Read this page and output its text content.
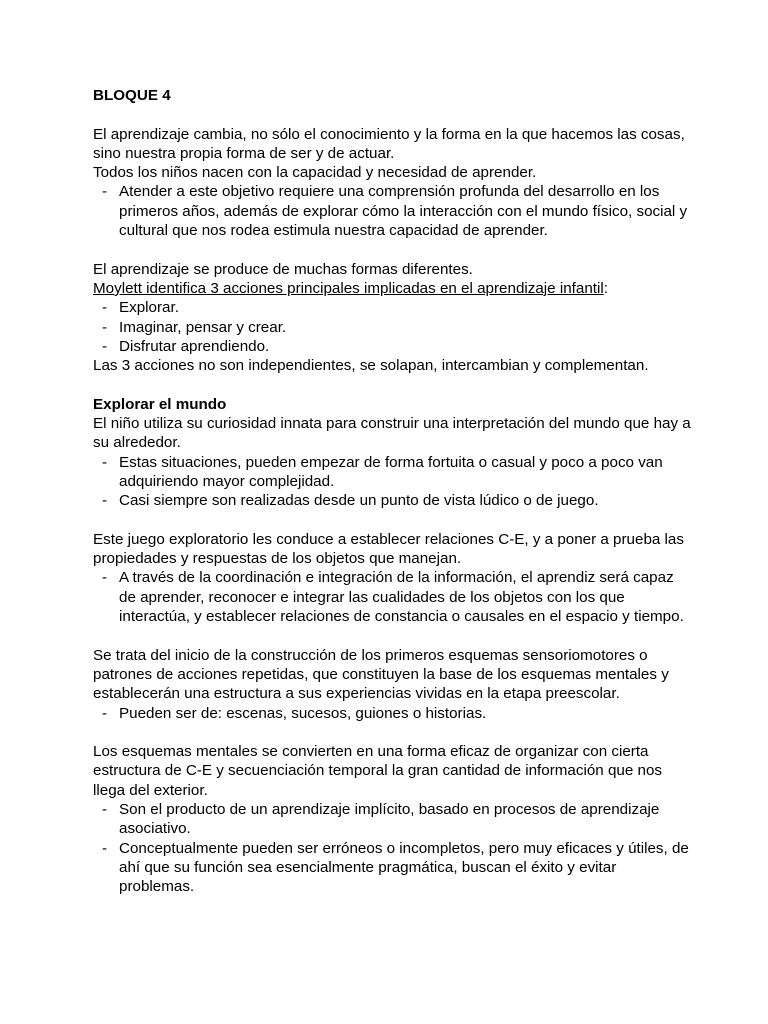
BLOQUE 4

El aprendizaje cambia, no sólo el conocimiento y la forma en la que hacemos las cosas, sino nuestra propia forma de ser y de actuar.

Todos los niños nacen con la capacidad y necesidad de aprender.

- Atender a este objetivo requiere una comprensión profunda del desarrollo en los primeros años, además de explorar cómo la interacción con el mundo físico, social y cultural que nos rodea estimula nuestra capacidad de aprender.

El aprendizaje se produce de muchas formas diferentes.

Moylett identifica 3 acciones principales implicadas en el aprendizaje infantil:

- Explorar.
- Imaginar, pensar y crear.
- Disfrutar aprendiendo.

Las 3 acciones no son independientes, se solapan, intercambian y complementan.

Explorar el mundo

El niño utiliza su curiosidad innata para construir una interpretación del mundo que hay a su alrededor.

- Estas situaciones, pueden empezar de forma fortuita o casual y poco a poco van adquiriendo mayor complejidad.
- Casi siempre son realizadas desde un punto de vista lúdico o de juego.

Este juego exploratorio les conduce a establecer relaciones C-E, y a poner a prueba las propiedades y respuestas de los objetos que manejan.

- A través de la coordinación e integración de la información, el aprendiz será capaz de aprender, reconocer e integrar las cualidades de los objetos con los que interactúa, y establecer relaciones de constancia o causales en el espacio y tiempo.

Se trata del inicio de la construcción de los primeros esquemas sensoriomotores o patrones de acciones repetidas, que constituyen la base de los esquemas mentales y establecerán una estructura a sus experiencias vividas en la etapa preescolar.

- Pueden ser de: escenas, sucesos, guiones o historias.

Los esquemas mentales se convierten en una forma eficaz de organizar con cierta estructura de C-E y secuenciación temporal la gran cantidad de información que nos llega del exterior.

- Son el producto de un aprendizaje implícito, basado en procesos de aprendizaje asociativo.
- Conceptualmente pueden ser erróneos o incompletos, pero muy eficaces y útiles, de ahí que su función sea esencialmente pragmática, buscan el éxito y evitar problemas.
